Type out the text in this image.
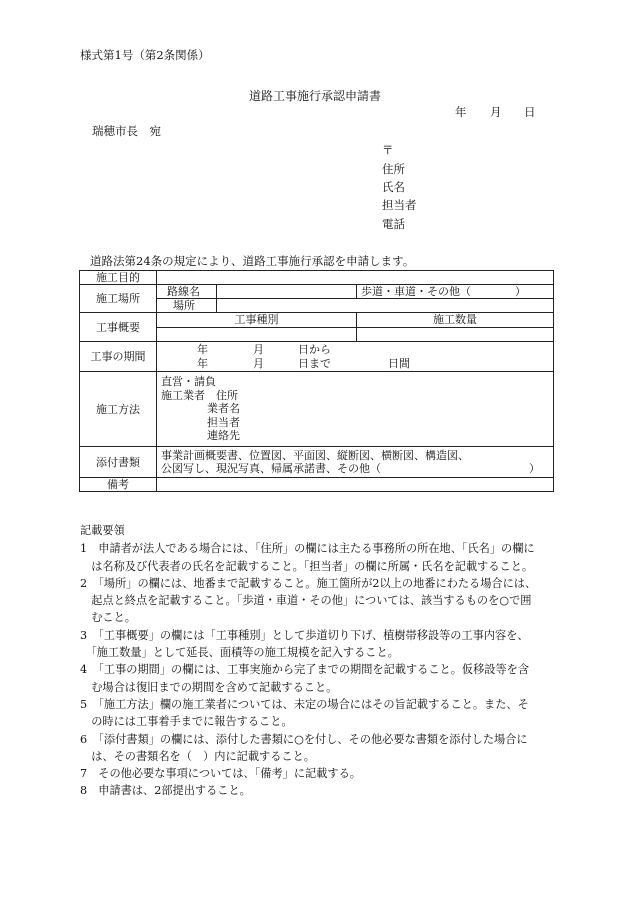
様式第1号（第2条関係）
道路工事施行承認申請書
年 月 日
瑞穂市長　宛
〒
住所
氏名
担当者
電話
道路法第24条の規定により、道路工事施行承認を申請します。
施工目的			
施工場所	路線名		歩道・車道・その他（　　　　）
	場所		
工事概要	工事種別		施工数量

工事の期間	年 月 日から
年 月 日まで 日間		

施工方法	直営・請負
施工業者　住所
業者名
担当者
連絡先		

添付書類	事業計画概要書、位置図、平面図、縦断図、横断図、構造図、
公図写し、現況写真、帰属承諾書、その他（ ）		

備考			
記載要領
1　申請者が法人である場合には、「住所」の欄には主たる事務所の所在地、「氏名」の欄に
　は名称及び代表者の氏名を記載すること。「担当者」の欄に所属・氏名を記載すること。
2　「場所」の欄には、地番まで記載すること。施工箇所が2以上の地番にわたる場合には、
　起点と終点を記載すること。「歩道・車道・その他」については、該当するものを○で囲
　むこと。
3　「工事概要」の欄には「工事種別」として歩道切り下げ、植樹帯移設等の工事内容を、
　「施工数量」として延長、面積等の施工規模を記入すること。
4　「工事の期間」の欄には、工事実施から完了までの期間を記載すること。仮移設等を含
　む場合は復旧までの期間を含めて記載すること。
5　「施工方法」欄の施工業者については、未定の場合にはその旨記載すること。また、そ
　の時には工事着手までに報告すること。
6　「添付書類」の欄には、添付した書類に○を付し、その他必要な書類を添付した場合に
　は、その書類名を（　）内に記載すること。
7　その他必要な事項については、「備考」に記載する。
8　申請書は、2部提出すること。
